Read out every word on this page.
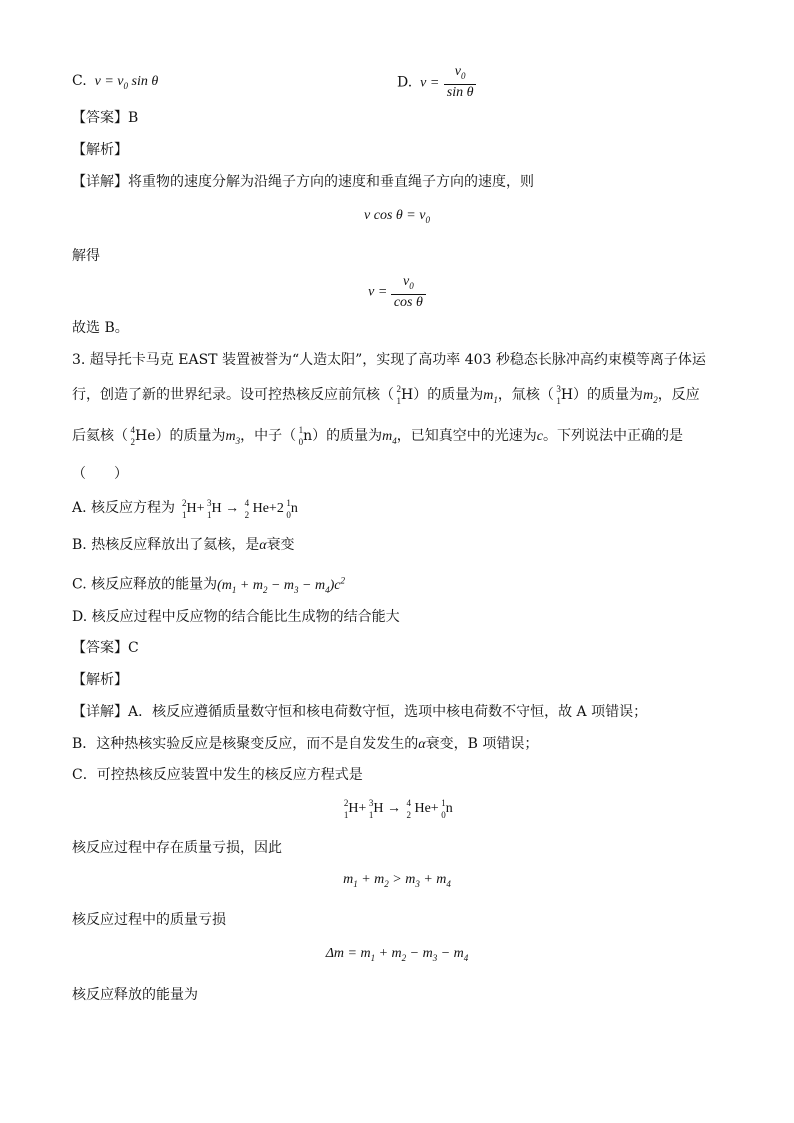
C.  $v = v_0$ sin θ	D.  $v = \frac{v_0}{\text{sin θ}}$
【答案】B
【解析】
【详解】将重物的速度分解为沿绳子方向的速度和垂直绳子方向的速度，则
v $\cos \theta = v_0$
解得
$v = \frac{v_0}{\text{cos θ}}$
故选 B。
3. 超导托卡马克 EAST 装置被誉为“人造太阳”，实现了高功率 403 秒稳态长脉冲高约束模等离子体运
行，创造了新的世界纪录。设可控热核反应前氘核（ 2
1 H）的质量为$m_1$，氚核（ 3
1 H）的质量为$m_2$，反应
后氦核（ 4
2 He）的质量为$m_3$，中子（ 1
0 n）的质量为$m_4$，已知真空中的光速为c。下列说法中正确的是
（　　）
A. 核反应方程为 2
1 H+ 3
1 H → 4
2 He+2 1
0 n
B. 热核反应释放出了氦核，是α衰变
C. 核反应释放的能量为$(m_1 + m_2 - m_3 - m_4)c^2$
D. 核反应过程中反应物的结合能比生成物的结合能大
【答案】C
【解析】
【详解】A．核反应遵循质量数守恒和核电荷数守恒，选项中核电荷数不守恒，故 A 项错误；
B．这种热核实验反应是核聚变反应，而不是自发发生的α衰变，B 项错误；
C．可控热核反应装置中发生的核反应方程式是
2
1 H+ 3
1 H → 4
2 He+ 1
0 n
核反应过程中存在质量亏损，因此
$m_1 + m_2 > m_3 + m_4$
核反应过程中的质量亏损
$\Delta m = m_1 + m_2 - m_3 - m_4$
核反应释放的能量为
